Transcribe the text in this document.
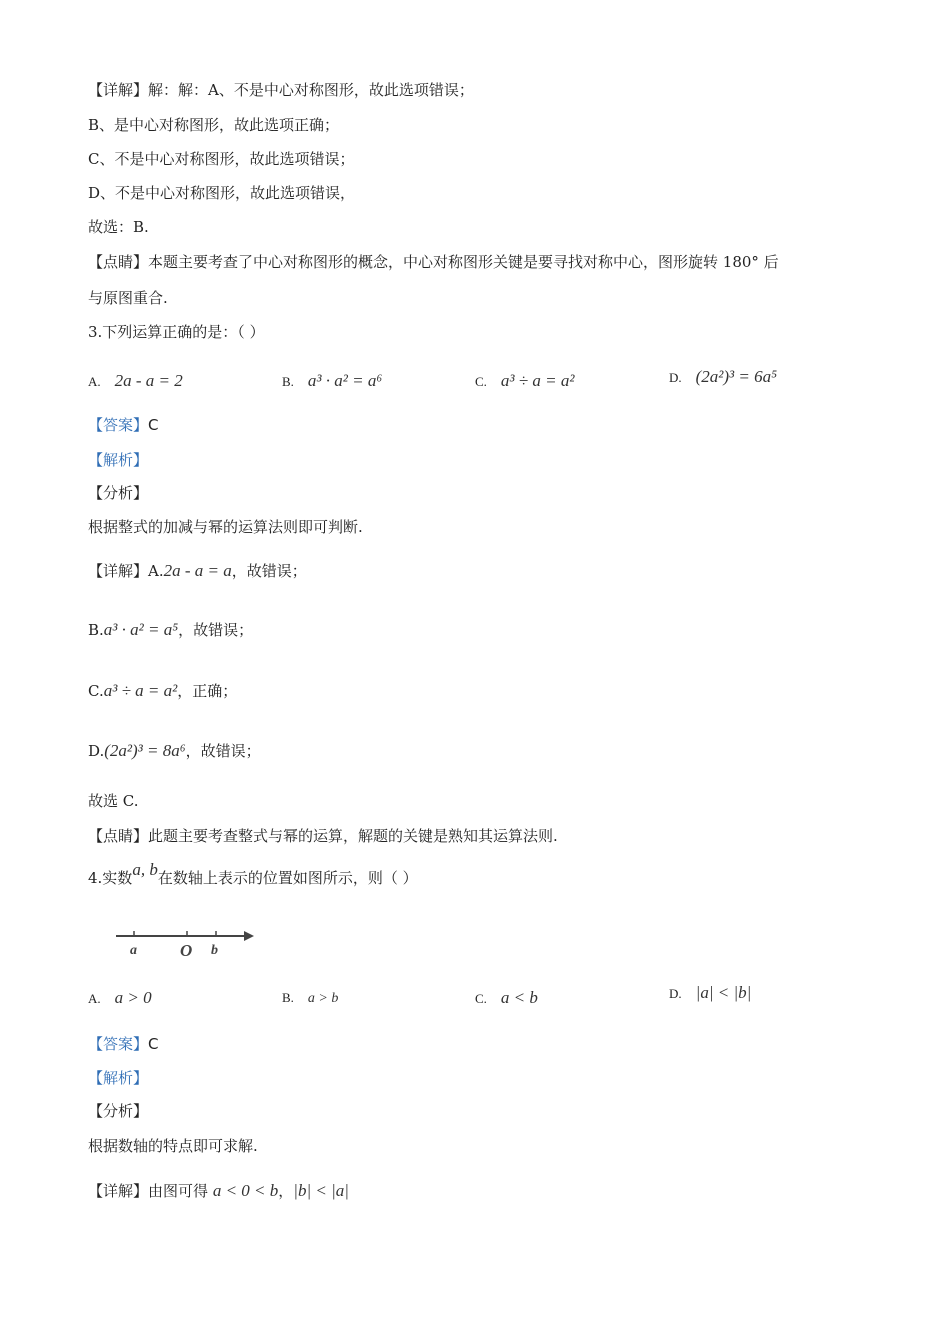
【详解】解：解：A、不是中心对称图形，故此选项错误；
B、是中心对称图形，故此选项正确；
C、不是中心对称图形，故此选项错误；
D、不是中心对称图形，故此选项错误，
故选：B.
【点睛】本题主要考查了中心对称图形的概念，中心对称图形关键是要寻找对称中心，图形旋转 180° 后
与原图重合.
3.下列运算正确的是：（ ）
A. 2a - a = 2	B. a³ · a² = a⁶	C. a³ ÷ a = a²	D. (2a²)³ = 6a⁵
【答案】C
【解析】
【分析】
根据整式的加减与幂的运算法则即可判断.
【详解】A.2a - a = a，故错误；
B.a³ · a² = a⁵，故错误；
C.a³ ÷ a = a²，正确；
D.(2a²)³ = 8a⁶，故错误；
故选 C.
【点睛】此题主要考查整式与幂的运算，解题的关键是熟知其运算法则.
4.实数a, b在数轴上表示的位置如图所示，则（ ）
a	O b
A. a > 0	B. a > b	C. a < b	D. |a| < |b|
【答案】C
【解析】
【分析】
根据数轴的特点即可求解.
【详解】由图可得 a < 0 < b，|b| < |a|
